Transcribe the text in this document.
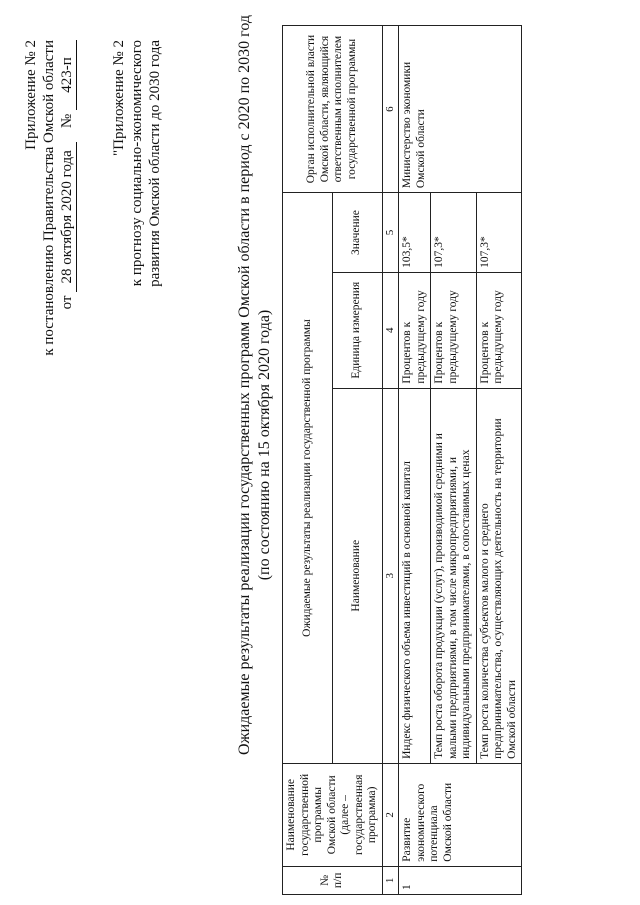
Приложение № 2 к постановлению Правительства Омской области от 28 октября 2020 года № 423-п "Приложение № 2 к прогнозу социально-экономического развития Омской области до 2030 года	Ожидаемые результаты реализации государственных программ Омской области в период с 2020 по 2030 год (по состоянию на 15 октября 2020 года)
№ п/п	Наименование государственной программы Омской области (далее – государственная программа)	Ожидаемые результаты реализации государственной программы			Орган исполнительной власти Омской области, являющийся ответственным исполнителем государственной программы
		Наименование	Единица измерения	Значение	
1	2	3	4	5	6
1	Развитие экономического потенциала Омской области	Индекс физического объема инвестиций в основной капитал	Процентов к предыдущему году	103,5*	Министерство экономики Омской области
		Темп роста оборота продукции (услуг), производимой средними и малыми предприятиями, в том числе микропредприятиями, и индивидуальными предпринимателями, в сопоставимых ценах	Процентов к предыдущему году	107,3*	
		Темп роста количества субъектов малого и среднего предпринимательства, осуществляющих деятельность на территории Омской области	Процентов к предыдущему году	107,3*	
